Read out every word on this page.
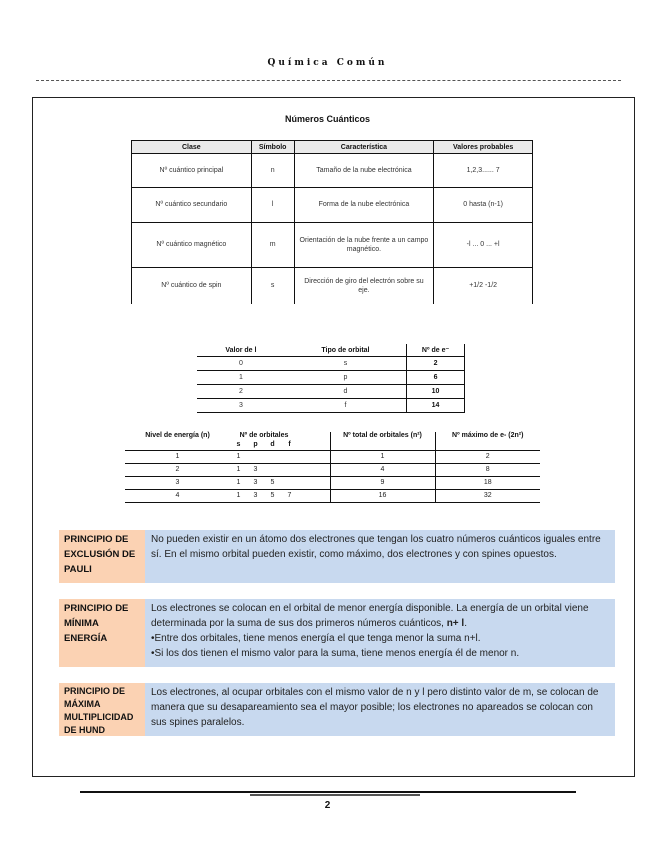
Química Común
Números Cuánticos
Clase	Símbolo	Característica	Valores probables
Nº cuántico principal	n	Tamaño de la nube electrónica	1,2,3...... 7
Nº cuántico secundario	l	Forma de la nube electrónica	0 hasta (n-1)
Nº cuántico magnético	m	Orientación de la nube frente a un campo magnético.	-l ... 0 ... +l
Nº cuántico de spin	s	Dirección de giro del electrón sobre su eje.	+1/2 -1/2
Valor de l	Tipo de orbital	Nº de e⁻
0	s	2
1	p	6
2	d	10
3	f	14
Nivel de energía (n)	Nº de orbitales					Nº total de orbitales (n²)	Nº máximo de e- (2n²)
	s	p	d	f			
1	1					1	2
2	1	3				4	8
3	1	3	5			9	18
4	1	3	5	7		16	32
PRINCIPIO DE EXCLUSIÓN DE PAULI
No pueden existir en un átomo dos electrones que tengan los cuatro números cuánticos iguales entre sí. En el mismo orbital pueden existir, como máximo, dos electrones y con spines opuestos.
PRINCIPIO DE MÍNIMA ENERGÍA
Los electrones se colocan en el orbital de menor energía disponible. La energía de un orbital viene determinada por la suma de sus dos primeros números cuánticos, n+ l.
•Entre dos orbitales, tiene menos energía el que tenga menor la suma n+l.
•Si los dos tienen el mismo valor para la suma, tiene menos energía él de menor n.
PRINCIPIO DE MÁXIMA MULTIPLICIDAD DE HUND
Los electrones, al ocupar orbitales con el mismo valor de n y l pero distinto valor de m, se colocan de manera que su desapareamiento sea el mayor posible; los electrones no apareados se colocan con sus spines paralelos.
2
